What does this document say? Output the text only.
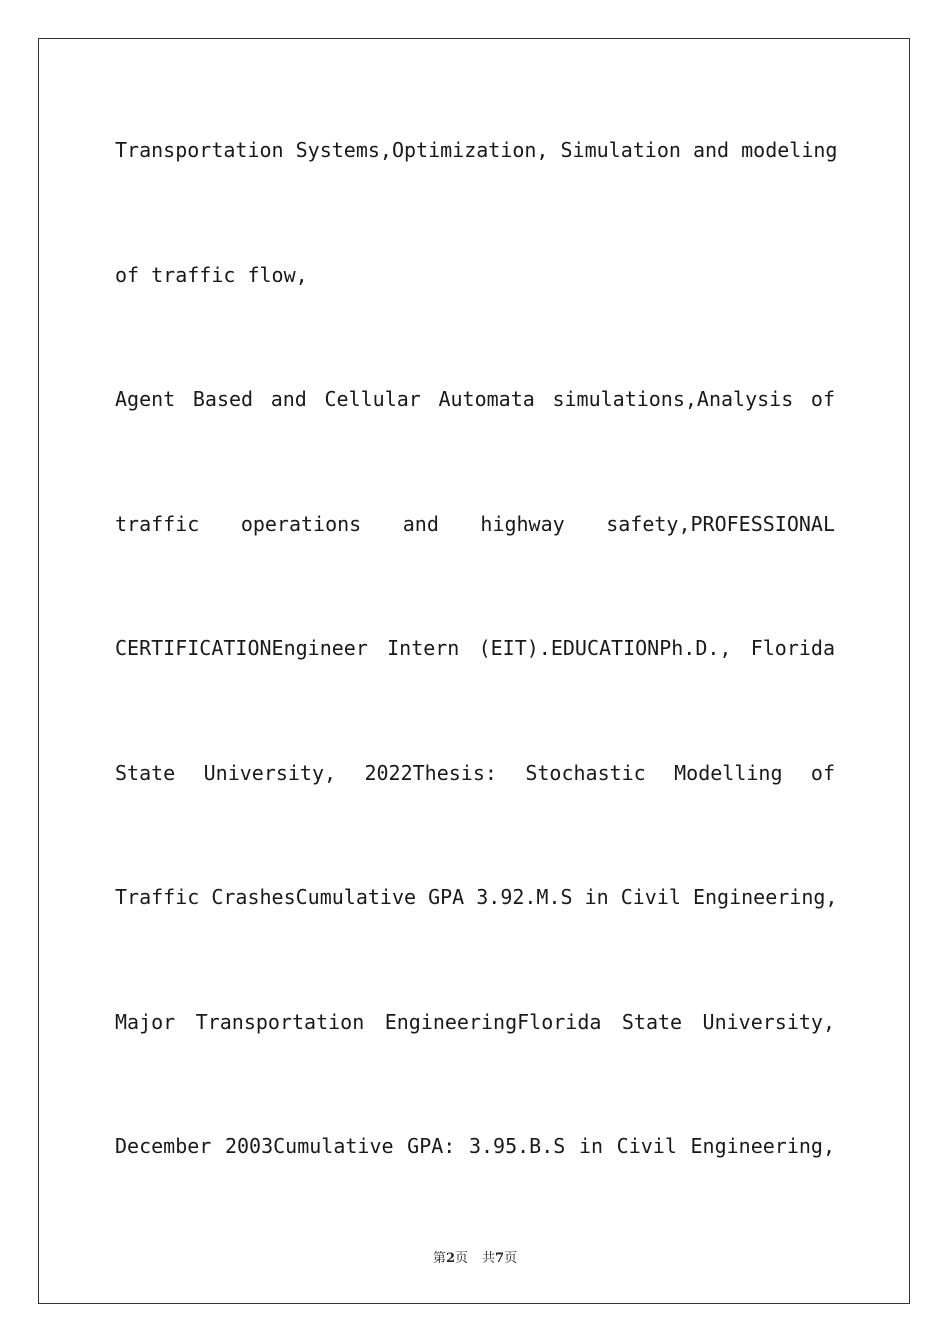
Transportation Systems,Optimization, Simulation and modeling
of traffic flow,
Agent Based and Cellular Automata simulations,Analysis of
traffic operations and highway safety,PROFESSIONAL
CERTIFICATIONEngineer Intern (EIT).EDUCATIONPh.D., Florida
State University, 2022Thesis: Stochastic Modelling of
Traffic CrashesCumulative GPA 3.92.M.S in Civil Engineering,
Major Transportation EngineeringFlorida State University,
December 2003Cumulative GPA: 3.95.B.S in Civil Engineering,
第2页 共7页
